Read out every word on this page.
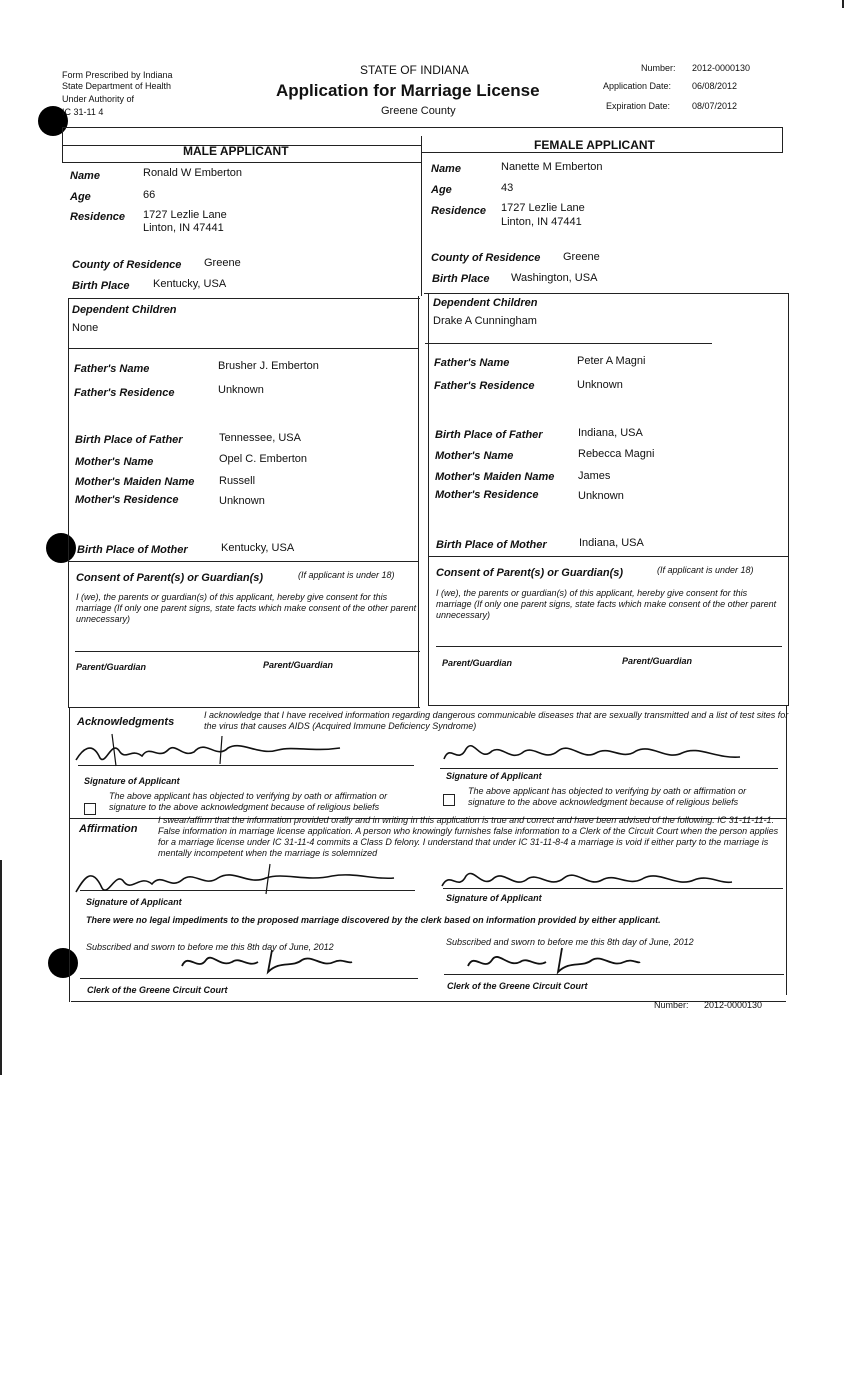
Form Prescribed by Indiana
State Department of Health
Under Authority of
IC 31-11 4
STATE OF INDIANA
Application for Marriage License
Greene County
Number: 2012-0000130
Application Date: 06/08/2012
Expiration Date: 08/07/2012
MALE APPLICANT	FEMALE APPLICANT
Name	Ronald W Emberton
Age	66
Residence 1727 Lezlie Lane
Linton, IN 47441
County of Residence Greene
Birth Place Kentucky, USA
Dependent Children
None
Father's Name	Brusher J. Emberton
Father's Residence	Unknown
Birth Place of Father	Tennessee, USA
Mother's Name	Opel C. Emberton
Mother's Maiden Name Russell
Mother's Residence	Unknown
Birth Place of Mother	Kentucky, USA
Consent of Parent(s) or Guardian(s)	(If applicant is under 18)
I (we), the parents or guardian(s) of this applicant, hereby give consent for this marriage (If only one parent signs, state facts which make consent of the other parent unnecessary)
Parent/Guardian	Parent/Guardian
Name	Nanette M Emberton
Age	43
Residence 1727 Lezlie Lane
Linton, IN 47441
County of Residence Greene
Birth Place Washington, USA
Dependent Children
Drake A Cunningham
Father's Name	Peter A Magni
Father's Residence	Unknown
Birth Place of Father	Indiana, USA
Mother's Name	Rebecca Magni
Mother's Maiden Name James
Mother's Residence	Unknown
Birth Place of Mother	Indiana, USA
Consent of Parent(s) or Guardian(s)	(If applicant is under 18)
I (we), the parents or guardian(s) of this applicant, hereby give consent for this marriage (If only one parent signs, state facts which make consent of the other parent unnecessary)
Parent/Guardian	Parent/Guardian
Acknowledgments
I acknowledge that I have received information regarding dangerous communicable diseases that are sexually transmitted and a list of test sites for the virus that causes AIDS (Acquired Immune Deficiency Syndrome)
Signature of Applicant	Signature of Applicant
The above applicant has objected to verifying by oath or affirmation or signature to the above acknowledgment because of religious beliefs
The above applicant has objected to verifying by oath or affirmation or signature to the above acknowledgment because of religious beliefs
Affirmation
I swear/affirm that the information provided orally and in writing in this application is true and correct and have been advised of the following. IC 31-11-11-1. False information in marriage license application. A person who knowingly furnishes false information to a Clerk of the Circuit Court when the person applies for a marriage license under IC 31-11-4 commits a Class D felony. I understand that under IC 31-11-8-4 a marriage is void if either party to the marriage is mentally incompetent when the marriage is solemnized
Signature of Applicant	Signature of Applicant
There were no legal impediments to the proposed marriage discovered by the clerk based on information provided by either applicant.
Subscribed and sworn to before me this 8th day of June, 2012	Subscribed and sworn to before me this 8th day of June, 2012
Clerk of the Greene Circuit Court	Clerk of the Greene Circuit Court
Number: 2012-0000130
